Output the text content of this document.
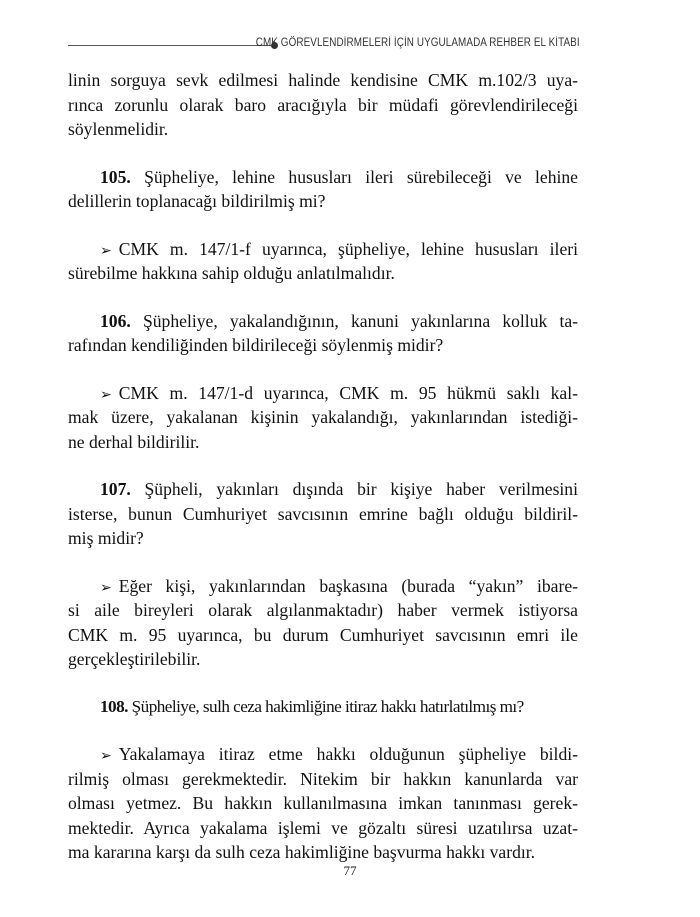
CMK GÖREVLENDİRMELERİ İÇİN UYGULAMADA REHBER EL KİTABI

linin sorguya sevk edilmesi halinde kendisine CMK m.102/3 uya-
rınca zorunlu olarak baro aracığıyla bir müdafi görevlendirileceği
söylenmelidir.

105. Şüpheliye, lehine hususları ileri sürebileceği ve lehine
delillerin toplanacağı bildirilmiş mi?

➢ CMK m. 147/1-f uyarınca, şüpheliye, lehine hususları ileri
sürebilme hakkına sahip olduğu anlatılmalıdır.

106. Şüpheliye, yakalandığının, kanuni yakınlarına kolluk ta-
rafından kendiliğinden bildirileceği söylenmiş midir?

➢ CMK m. 147/1-d uyarınca, CMK m. 95 hükmü saklı kal-
mak üzere, yakalanan kişinin yakalandığı, yakınlarından istediği-
ne derhal bildirilir.

107. Şüpheli, yakınları dışında bir kişiye haber verilmesini
isterse, bunun Cumhuriyet savcısının emrine bağlı olduğu bildiril-
miş midir?

➢ Eğer kişi, yakınlarından başkasına (burada “yakın” ibare-
si aile bireyleri olarak algılanmaktadır) haber vermek istiyorsa
CMK m. 95 uyarınca, bu durum Cumhuriyet savcısının emri ile
gerçekleştirilebilir.

108. Şüpheliye, sulh ceza hakimliğine itiraz hakkı hatırlatılmış mı?

➢ Yakalamaya itiraz etme hakkı olduğunun şüpheliye bildi-
rilmiş olması gerekmektedir. Nitekim bir hakkın kanunlarda var
olması yetmez. Bu hakkın kullanılmasına imkan tanınması gerek-
mektedir. Ayrıca yakalama işlemi ve gözaltı süresi uzatılırsa uzat-
ma kararına karşı da sulh ceza hakimliğine başvurma hakkı vardır.

77
